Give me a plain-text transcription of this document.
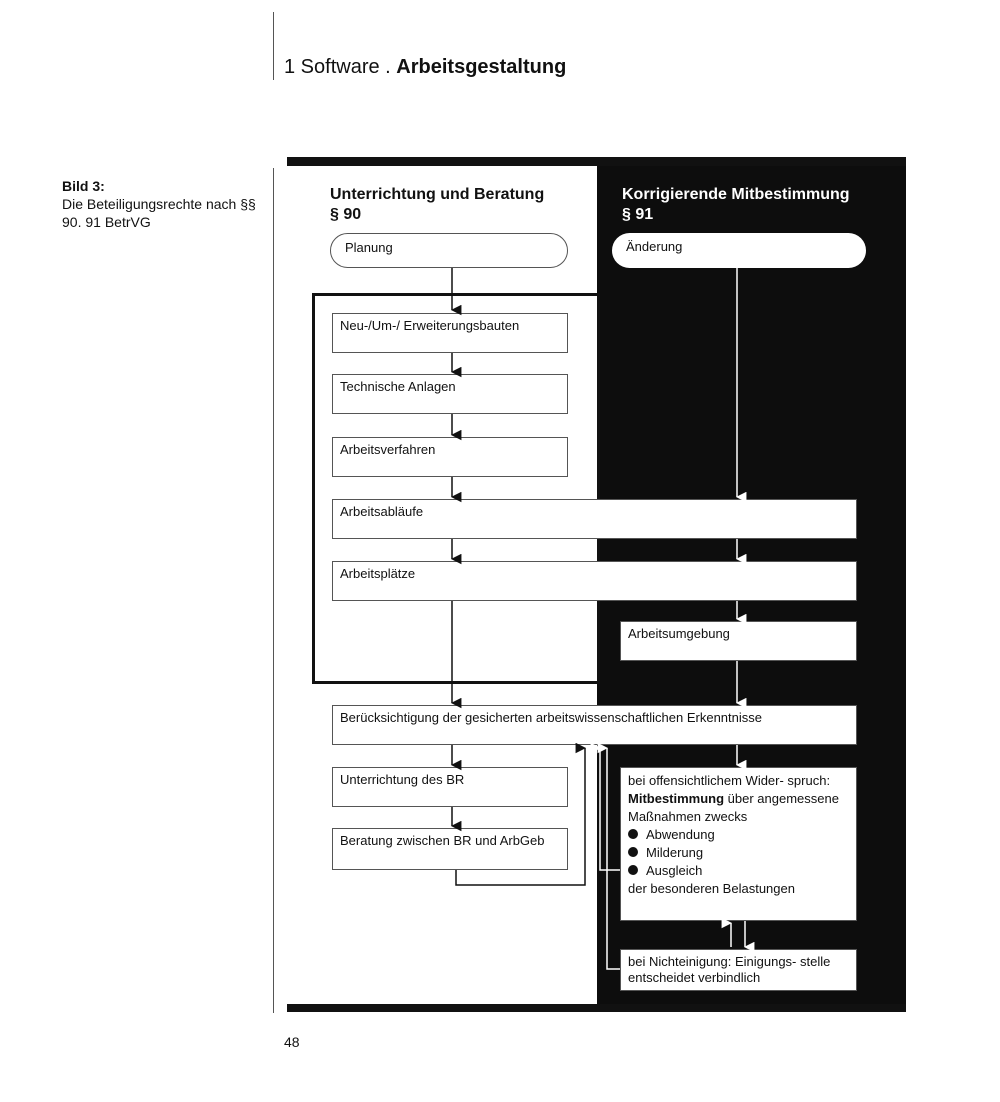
1 Software . Arbeitsgestaltung
Bild 3:
Die Beteiligungsrechte nach §§ 90. 91 BetrVG
Unterrichtung und Beratung § 90
Korrigierende Mitbestimmung § 91
Planung	Änderung
Neu-/Um-/ Erweiterungsbauten
Technische Anlagen
Arbeitsverfahren
Arbeitsabläufe
Arbeitsplätze
Arbeitsumgebung
Berücksichtigung der gesicherten arbeitswissenschaftlichen Erkenntnisse
Unterrichtung des BR
Beratung zwischen BR und ArbGeb
bei offensichtlichem Wider- spruch: Mitbestimmung über angemessene Maßnahmen zwecks
Abwendung
Milderung
Ausgleich
der besonderen Belastungen
bei Nichteinigung: Einigungs- stelle entscheidet verbindlich
48
